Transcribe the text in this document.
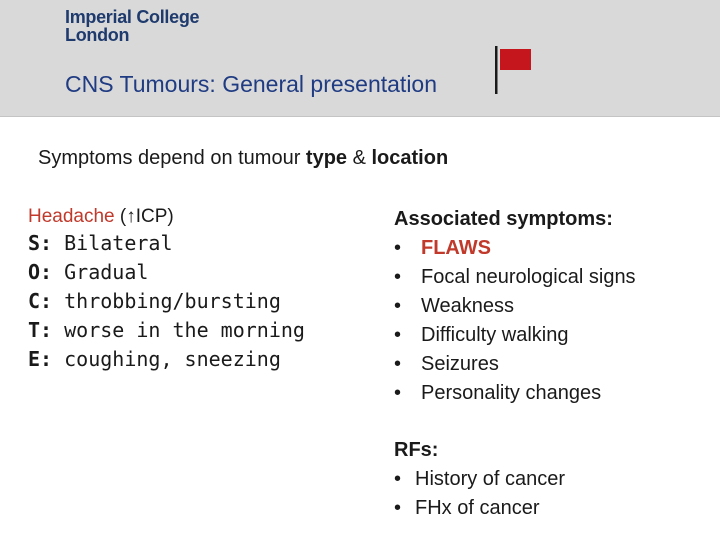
Imperial College
London
CNS Tumours: General presentation
Symptoms depend on tumour type & location
Headache (↑ICP)
S: Bilateral
O: Gradual
C: throbbing/bursting
T: worse in the morning
E: coughing, sneezing
Associated symptoms:
• FLAWS
• Focal neurological signs
• Weakness
• Difficulty walking
• Seizures
• Personality changes
RFs:
• History of cancer
• FHx of cancer
